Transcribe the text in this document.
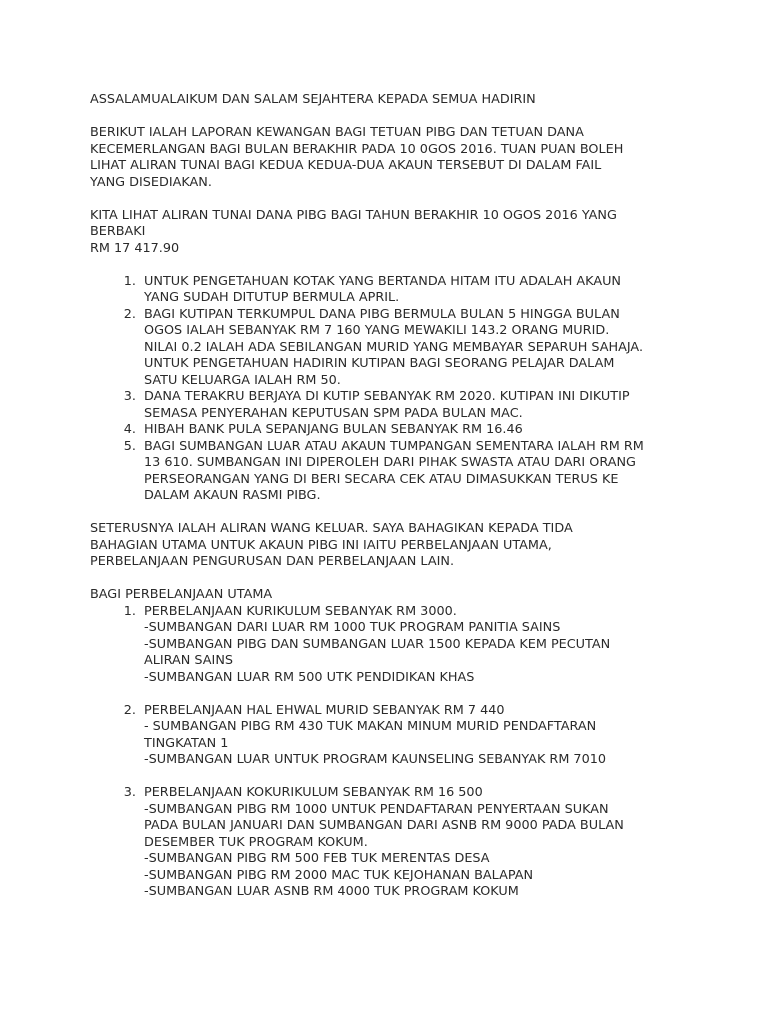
ASSALAMUALAIKUM DAN SALAM SEJAHTERA KEPADA SEMUA HADIRIN

BERIKUT IALAH LAPORAN KEWANGAN BAGI TETUAN PIBG DAN TETUAN DANA
KECEMERLANGAN BAGI BULAN BERAKHIR PADA 10 0GOS 2016. TUAN PUAN BOLEH
LIHAT ALIRAN TUNAI BAGI KEDUA KEDUA-DUA AKAUN TERSEBUT DI DALAM FAIL
YANG DISEDIAKAN.

KITA LIHAT ALIRAN TUNAI DANA PIBG BAGI TAHUN BERAKHIR 10 OGOS 2016 YANG
BERBAKI

RM 17 417.90

1. UNTUK PENGETAHUAN KOTAK YANG BERTANDA HITAM ITU ADALAH AKAUN
YANG SUDAH DITUTUP BERMULA APRIL.
2. BAGI KUTIPAN TERKUMPUL DANA PIBG BERMULA BULAN 5 HINGGA BULAN
OGOS IALAH SEBANYAK RM 7 160 YANG MEWAKILI 143.2 ORANG MURID.
NILAI 0.2 IALAH ADA SEBILANGAN MURID YANG MEMBAYAR SEPARUH SAHAJA.
UNTUK PENGETAHUAN HADIRIN KUTIPAN BAGI SEORANG PELAJAR DALAM
SATU KELUARGA IALAH RM 50.
3. DANA TERAKRU BERJAYA DI KUTIP SEBANYAK RM 2020. KUTIPAN INI DIKUTIP
SEMASA PENYERAHAN KEPUTUSAN SPM PADA BULAN MAC.
4. HIBAH BANK PULA SEPANJANG BULAN SEBANYAK RM 16.46
5. BAGI SUMBANGAN LUAR ATAU AKAUN TUMPANGAN SEMENTARA IALAH RM RM
13 610. SUMBANGAN INI DIPEROLEH DARI PIHAK SWASTA ATAU DARI ORANG
PERSEORANGAN YANG DI BERI SECARA CEK ATAU DIMASUKKAN TERUS KE
DALAM AKAUN RASMI PIBG.

SETERUSNYA IALAH ALIRAN WANG KELUAR. SAYA BAHAGIKAN KEPADA TIDA
BAHAGIAN UTAMA UNTUK AKAUN PIBG INI IAITU PERBELANJAAN UTAMA,
PERBELANJAAN PENGURUSAN DAN PERBELANJAAN LAIN.

BAGI PERBELANJAAN UTAMA

1. PERBELANJAAN KURIKULUM SEBANYAK RM 3000.
-SUMBANGAN DARI LUAR RM 1000 TUK PROGRAM PANITIA SAINS
-SUMBANGAN PIBG DAN SUMBANGAN LUAR 1500 KEPADA KEM PECUTAN
ALIRAN SAINS
-SUMBANGAN LUAR RM 500 UTK PENDIDIKAN KHAS
2. PERBELANJAAN HAL EHWAL MURID SEBANYAK RM 7 440
- SUMBANGAN PIBG RM 430 TUK MAKAN MINUM MURID PENDAFTARAN
TINGKATAN 1
-SUMBANGAN LUAR UNTUK PROGRAM KAUNSELING SEBANYAK RM 7010
3. PERBELANJAAN KOKURIKULUM SEBANYAK RM 16 500
-SUMBANGAN PIBG RM 1000 UNTUK PENDAFTARAN PENYERTAAN SUKAN
PADA BULAN JANUARI DAN SUMBANGAN DARI ASNB RM 9000 PADA BULAN
DESEMBER TUK PROGRAM KOKUM.
-SUMBANGAN PIBG RM 500 FEB TUK MERENTAS DESA
-SUMBANGAN PIBG RM 2000 MAC TUK KEJOHANAN BALAPAN
-SUMBANGAN LUAR ASNB RM 4000 TUK PROGRAM KOKUM
